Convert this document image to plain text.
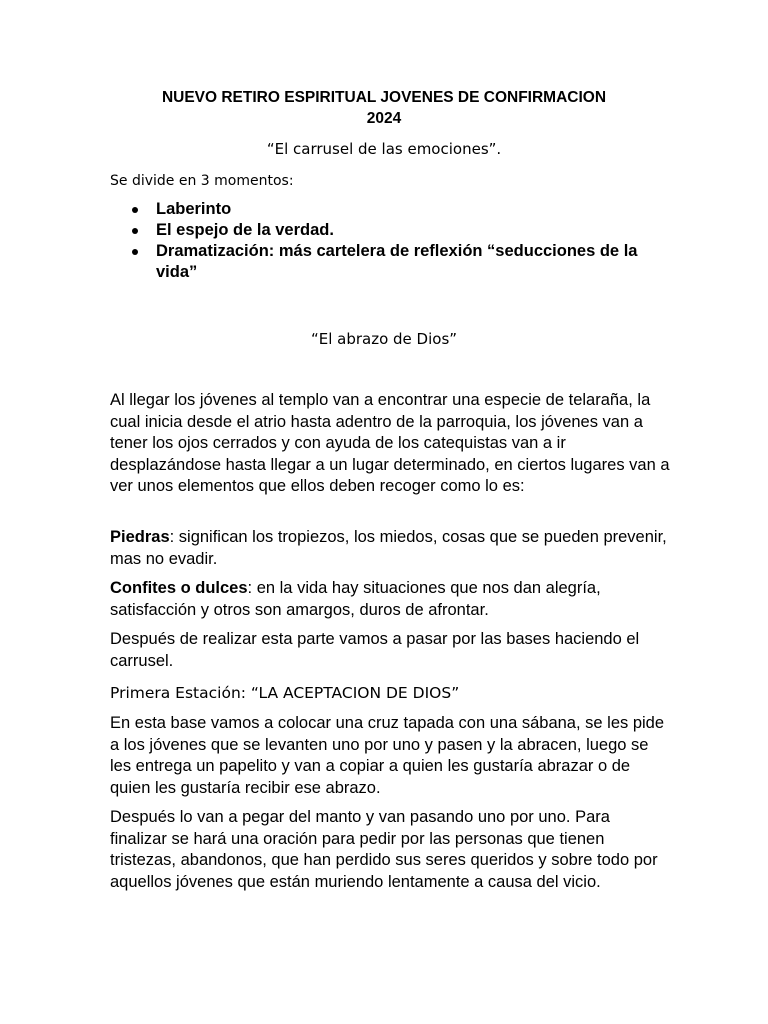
NUEVO RETIRO ESPIRITUAL JOVENES DE CONFIRMACION
2024
“El carrusel de las emociones”.
Se divide en 3 momentos:
Laberinto
El espejo de la verdad.
Dramatización: más cartelera de reflexión “seducciones de la vida”
“El abrazo de Dios”
Al llegar los jóvenes al templo van a encontrar una especie de telaraña, la cual inicia desde el atrio hasta adentro de la parroquia, los jóvenes van a tener los ojos cerrados y con ayuda de los catequistas van a ir desplazándose hasta llegar a un lugar determinado, en ciertos lugares van a ver unos elementos que ellos deben recoger como lo es:
Piedras: significan los tropiezos, los miedos, cosas que se pueden prevenir, mas no evadir.
Confites o dulces: en la vida hay situaciones que nos dan alegría, satisfacción y otros son amargos, duros de afrontar.
Después de realizar esta parte vamos a pasar por las bases haciendo el carrusel.
Primera Estación: “LA ACEPTACION DE DIOS”
En esta base vamos a colocar una cruz tapada con una sábana, se les pide a los jóvenes que se levanten uno por uno y pasen y la abracen, luego se les entrega un papelito y van a copiar a quien les gustaría abrazar o de quien les gustaría recibir ese abrazo.
Después lo van a pegar del manto y van pasando uno por uno. Para finalizar se hará una oración para pedir por las personas que tienen tristezas, abandonos, que han perdido sus seres queridos y sobre todo por aquellos jóvenes que están muriendo lentamente a causa del vicio.
